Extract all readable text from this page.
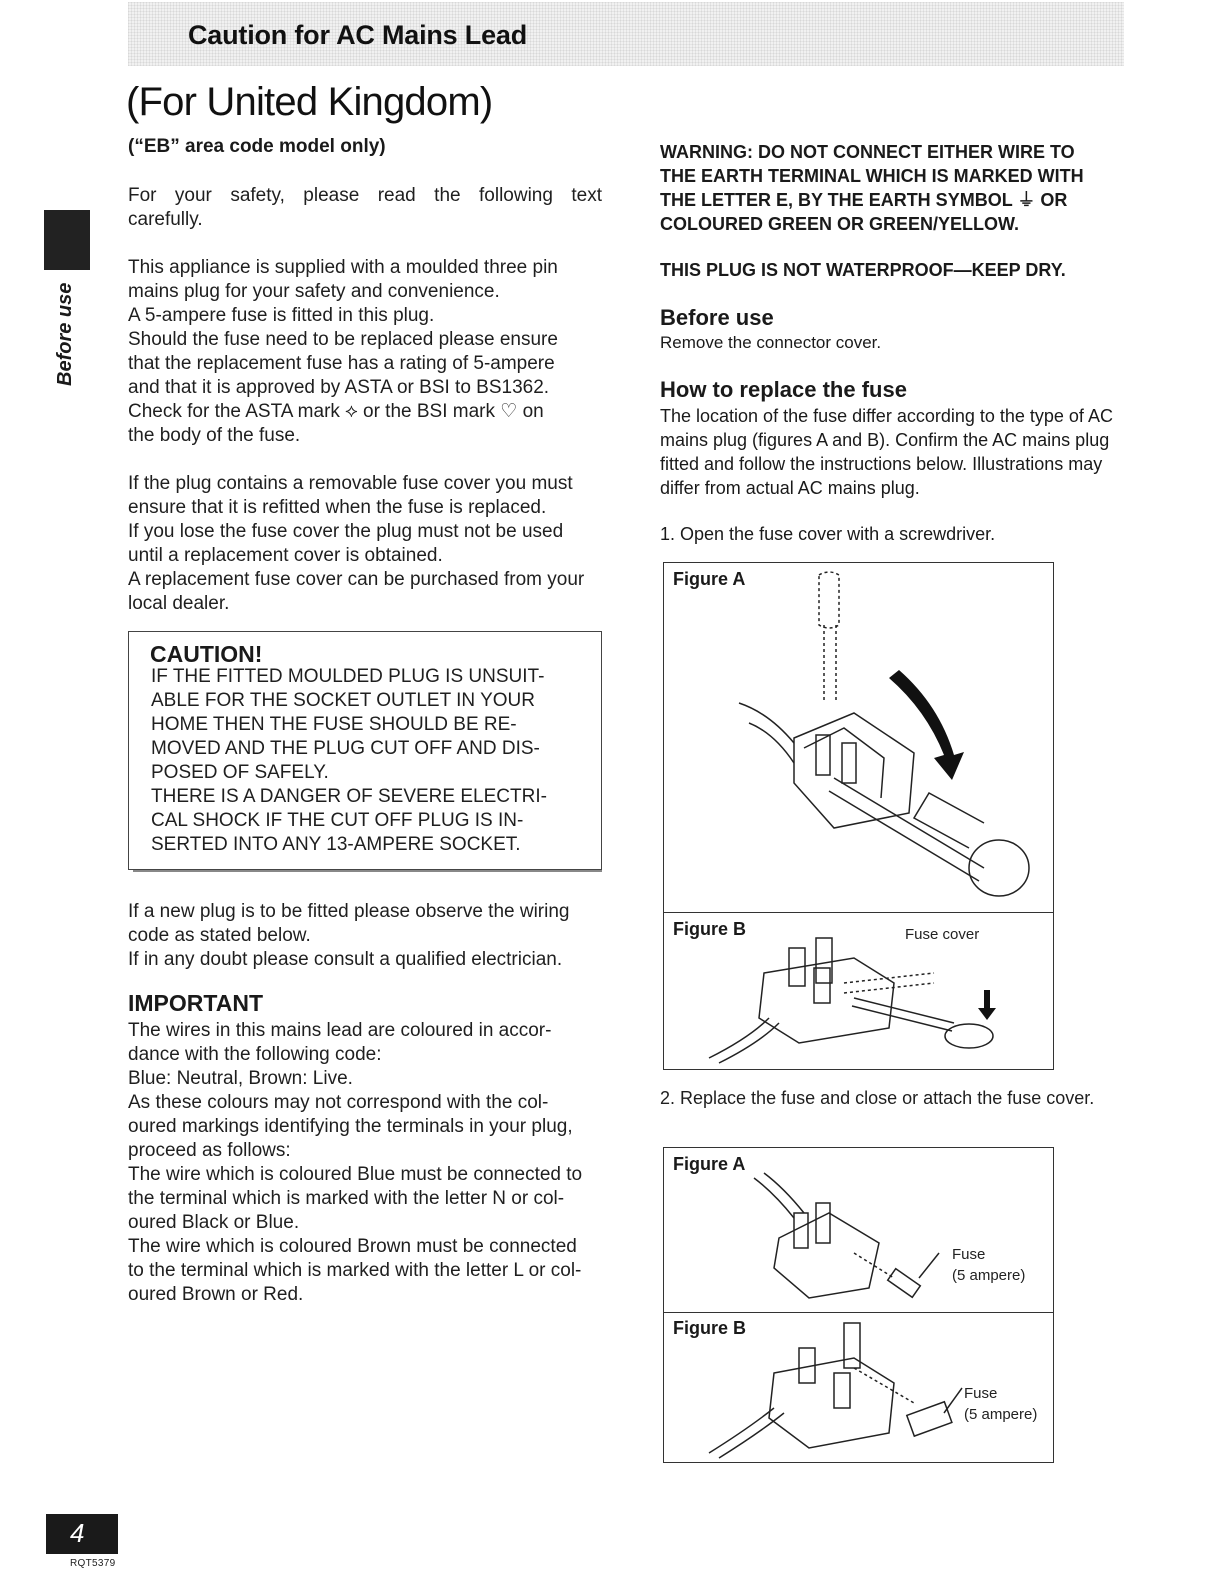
Caution for AC Mains Lead
(For United Kingdom)
(“EB” area code model only)
Before use
For your safety, please read the following text
carefully.
This appliance is supplied with a moulded three pin
mains plug for your safety and convenience.
A 5-ampere fuse is fitted in this plug.
Should the fuse need to be replaced please ensure
that the replacement fuse has a rating of 5-ampere
and that it is approved by ASTA or BSI to BS1362.
Check for the ASTA mark ⟡ or the BSI mark ♡ on
the body of the fuse.
If the plug contains a removable fuse cover you must
ensure that it is refitted when the fuse is replaced.
If you lose the fuse cover the plug must not be used
until a replacement cover is obtained.
A replacement fuse cover can be purchased from your
local dealer.
CAUTION!
IF THE FITTED MOULDED PLUG IS UNSUIT-
ABLE FOR THE SOCKET OUTLET IN YOUR
HOME THEN THE FUSE SHOULD BE RE-
MOVED AND THE PLUG CUT OFF AND DIS-
POSED OF SAFELY.
THERE IS A DANGER OF SEVERE ELECTRI-
CAL SHOCK IF THE CUT OFF PLUG IS IN-
SERTED INTO ANY 13-AMPERE SOCKET.
If a new plug is to be fitted please observe the wiring
code as stated below.
If in any doubt please consult a qualified electrician.
IMPORTANT
The wires in this mains lead are coloured in accor-
dance with the following code:
Blue: Neutral, Brown: Live.
As these colours may not correspond with the col-
oured markings identifying the terminals in your plug,
proceed as follows:
The wire which is coloured Blue must be connected to
the terminal which is marked with the letter N or col-
oured Black or Blue.
The wire which is coloured Brown must be connected
to the terminal which is marked with the letter L or col-
oured Brown or Red.
WARNING: DO NOT CONNECT EITHER WIRE TO
THE EARTH TERMINAL WHICH IS MARKED WITH
THE LETTER E, BY THE EARTH SYMBOL ⏚ OR
COLOURED GREEN OR GREEN/YELLOW.
THIS PLUG IS NOT WATERPROOF—KEEP DRY.
Before use
Remove the connector cover.
How to replace the fuse
The location of the fuse differ according to the type of AC mains plug (figures A and B). Confirm the AC mains plug fitted and follow the instructions below. Illustrations may differ from actual AC mains plug.
1. Open the fuse cover with a screwdriver.
Figure A
Figure B	Fuse cover
2. Replace the fuse and close or attach the fuse cover.
Figure A
Fuse
(5 ampere)
Figure B
Fuse
(5 ampere)
4
RQT5379
